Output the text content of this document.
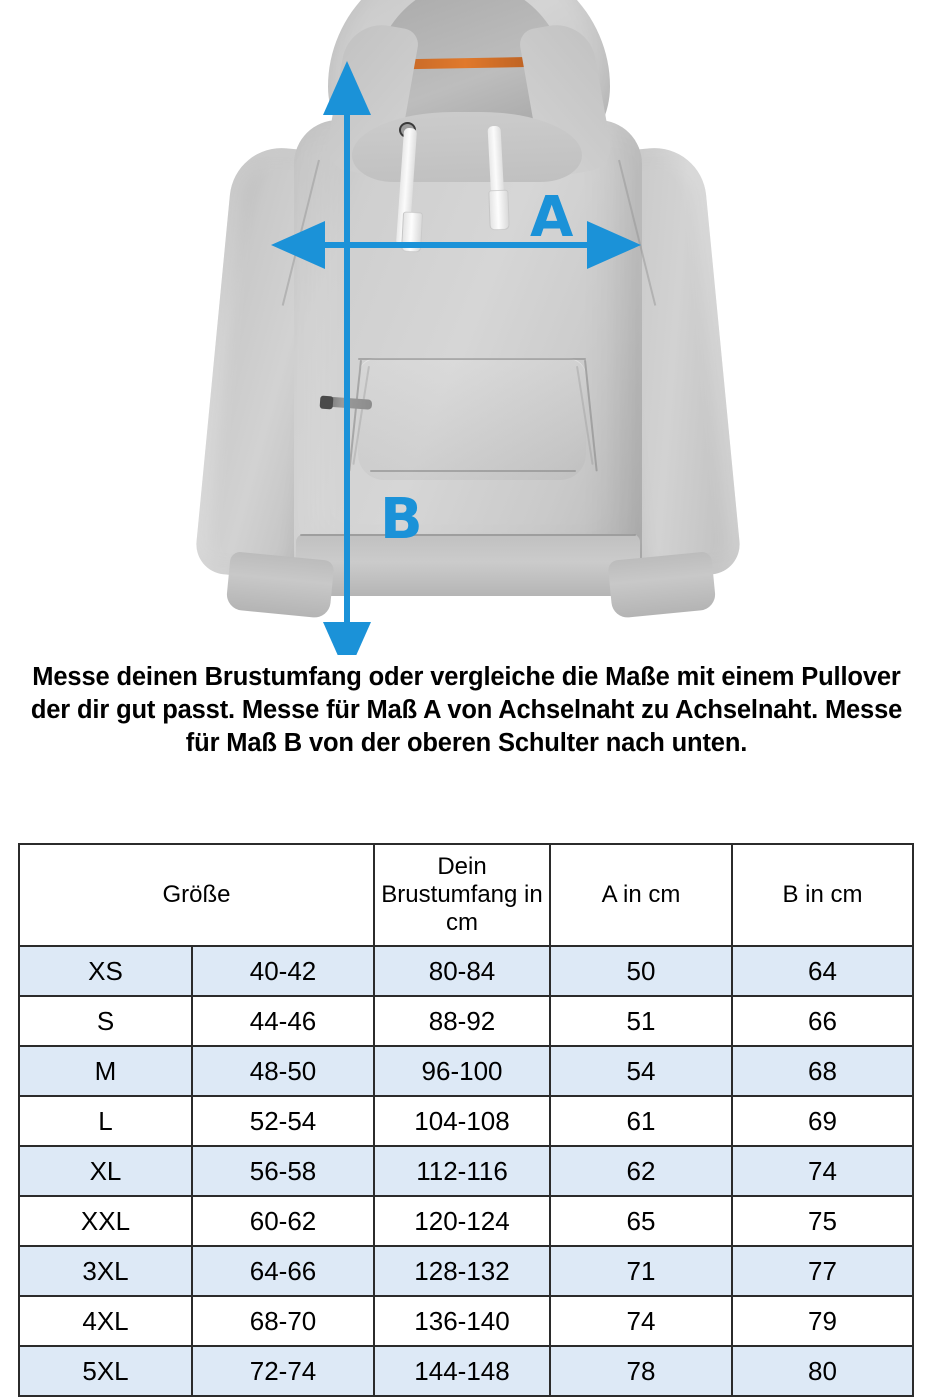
A
B
Messe deinen Brustumfang oder vergleiche die Maße mit einem Pullover der dir gut passt. Messe für Maß A von Achselnaht zu Achselnaht. Messe für Maß B von der oberen Schulter nach unten.
Größe		Dein Brustumfang in cm	A in cm	B in cm
XS	40-42	80-84	50	64
S	44-46	88-92	51	66
M	48-50	96-100	54	68
L	52-54	104-108	61	69
XL	56-58	112-116	62	74
XXL	60-62	120-124	65	75
3XL	64-66	128-132	71	77
4XL	68-70	136-140	74	79
5XL	72-74	144-148	78	80
